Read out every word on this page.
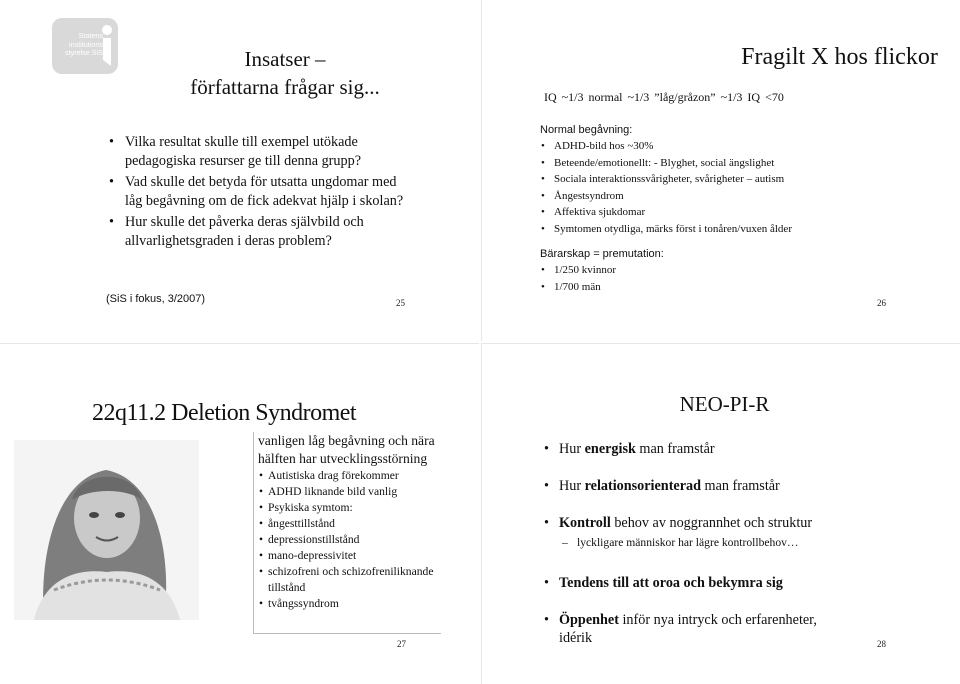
Statens
institutions
styrelse SiS	Insatser –
författarna frågar sig...
• Vilka resultat skulle till exempel utökade pedagogiska resurser ge till denna grupp?
• Vad skulle det betyda för utsatta ungdomar med låg begåvning om de fick adekvat hjälp i skolan?
• Hur skulle det påverka deras självbild och allvarlighetsgraden i deras problem?
(SiS i fokus, 3/2007)	25
Fragilt X hos flickor
IQ ~1/3 normal ~1/3 ”låg/gråzon” ~1/3 IQ <70
Normal begåvning:
• ADHD-bild hos ~30%
• Beteende/emotionellt: - Blyghet, social ängslighet
• Sociala interaktionssvårigheter, svårigheter – autism
• Ångestsyndrom
• Affektiva sjukdomar
• Symtomen otydliga, märks först i tonåren/vuxen ålder
Bärarskap = premutation:
• 1/250 kvinnor
• 1/700 män
26
22q11.2 Deletion Syndromet
vanligen låg begåvning och nära hälften har utvecklingsstörning
• Autistiska drag förekommer
• ADHD liknande bild vanlig
• Psykiska symtom:
• ångesttillstånd
• depressionstillstånd
• mano-depressivitet
• schizofreni och schizofreniliknande tillstånd
• tvångssyndrom
27
NEO-PI-R
• Hur energisk man framstår
• Hur relationsorienterad man framstår
• Kontroll behov av noggrannhet och struktur
– lyckligare människor har lägre kontrollbehov…
• Tendens till att oroa och bekymra sig
• Öppenhet inför nya intryck och erfarenheter, idérik	28
